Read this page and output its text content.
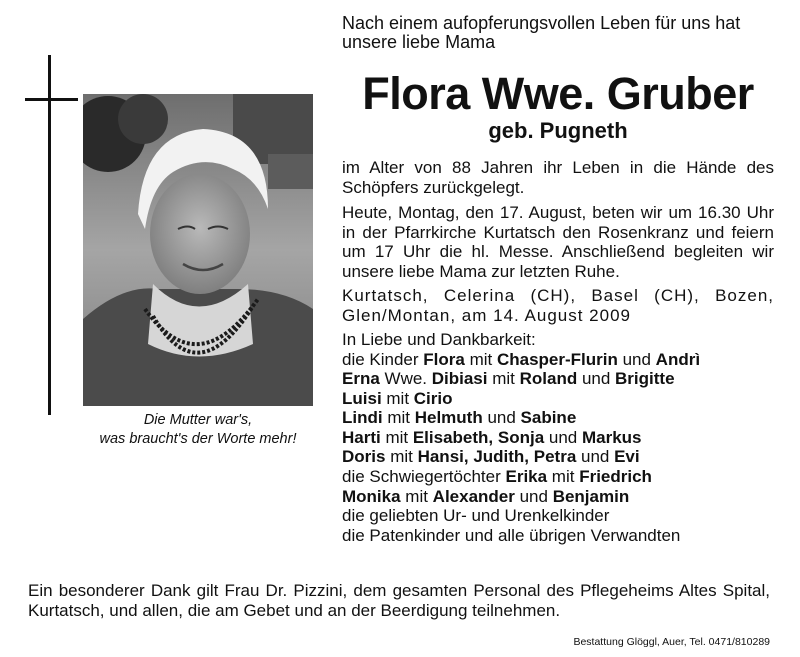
Die Mutter war's,
was braucht's der Worte mehr!
Nach einem aufopferungsvollen Leben für uns hat unsere liebe Mama
Flora Wwe. Gruber
geb. Pugneth
im Alter von 88 Jahren ihr Leben in die Hände des Schöpfers zurückgelegt.
Heute, Montag, den 17. August, beten wir um 16.30 Uhr in der Pfarrkirche Kurtatsch den Rosenkranz und feiern um 17 Uhr die hl. Messe. Anschließend begleiten wir unsere liebe Mama zur letzten Ruhe.
Kurtatsch, Celerina (CH), Basel (CH), Bozen, Glen/Montan, am 14. August 2009
In Liebe und Dankbarkeit:
die Kinder Flora mit Chasper-Flurin und Andrì
Erna Wwe. Dibiasi mit Roland und Brigitte
Luisi mit Cirio
Lindi mit Helmuth und Sabine
Harti mit Elisabeth, Sonja und Markus
Doris mit Hansi, Judith, Petra und Evi
die Schwiegertöchter Erika mit Friedrich
Monika mit Alexander und Benjamin
die geliebten Ur- und Urenkelkinder
die Patenkinder und alle übrigen Verwandten
Ein besonderer Dank gilt Frau Dr. Pizzini, dem gesamten Personal des Pflegeheims Altes Spital, Kurtatsch, und allen, die am Gebet und an der Beerdigung teilnehmen.
Bestattung Glöggl, Auer, Tel. 0471/810289
